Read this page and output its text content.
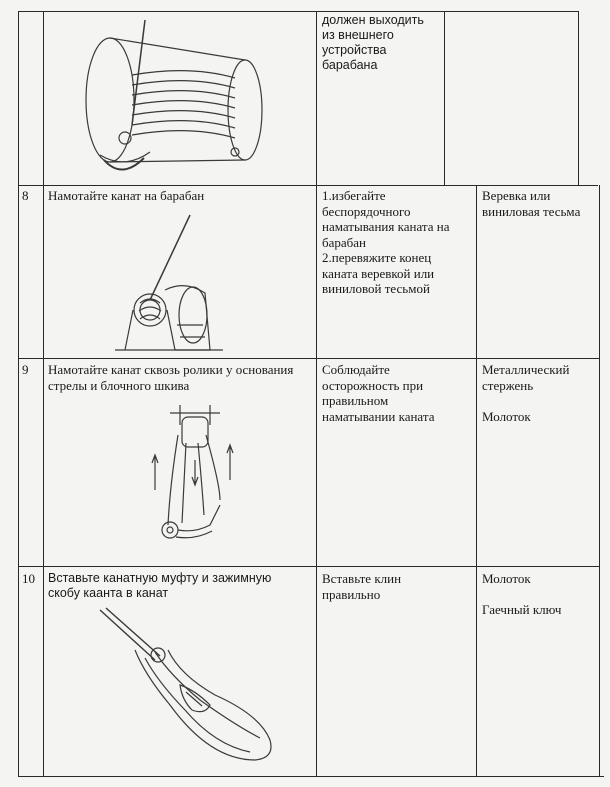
должен выходить
из внешнего
устройства
барабана
8 Намотайте канат на барабан	1.избегайте
беспорядочного
наматывания каната на
барабан
2.перевяжите конец
каната веревкой или
виниловой тесьмой
Веревка или
виниловая тесьма
9 Намотайте канат сквозь ролики у основания
стрелы и блочного шкива
Соблюдайте
осторожность при
правильном
наматывании каната
Металлический
стержень

Молоток
10 Вставьте канатную муфту и зажимную
скобу каанта в канат
Вставьте клин
правильно
Молоток

Гаечный ключ
